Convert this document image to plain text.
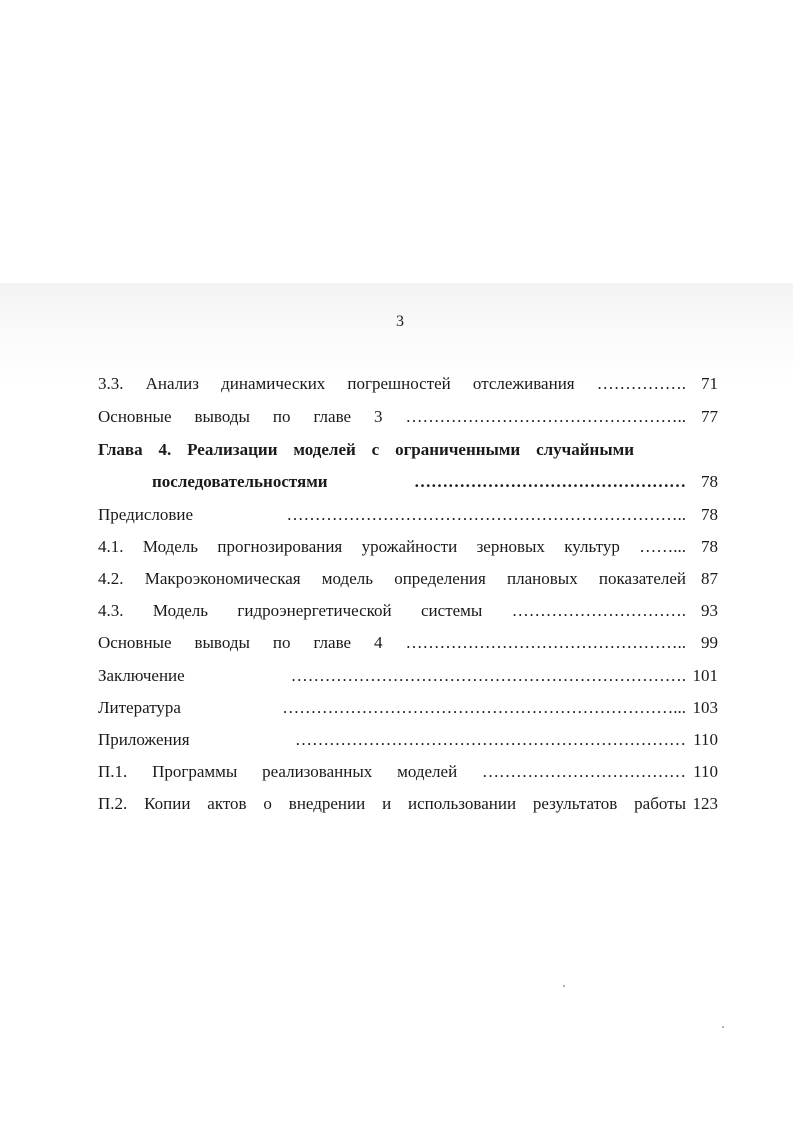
3
3.3. Анализ динамических погрешностей отслеживания ……………. 71
Основные выводы по главе 3 ………………………………………….. 77
Глава 4. Реализации моделей с ограниченными случайными
последовательностями ………………………………………… 78
Предисловие …………………………………………………………….. 78
4.1. Модель прогнозирования урожайности зерновых культур ……... 78
4.2. Макроэкономическая модель определения плановых показателей 87
4.3. Модель гидроэнергетической системы …………………………. 93
Основные выводы по главе 4 ………………………………………….. 99
Заключение ……………………………………………………………. 101
Литература ……………………………………………………………... 103
Приложения …………………………………………………………… 110
П.1. Программы реализованных моделей ……………………………… 110
П.2. Копии актов о внедрении и использовании результатов работы 123
